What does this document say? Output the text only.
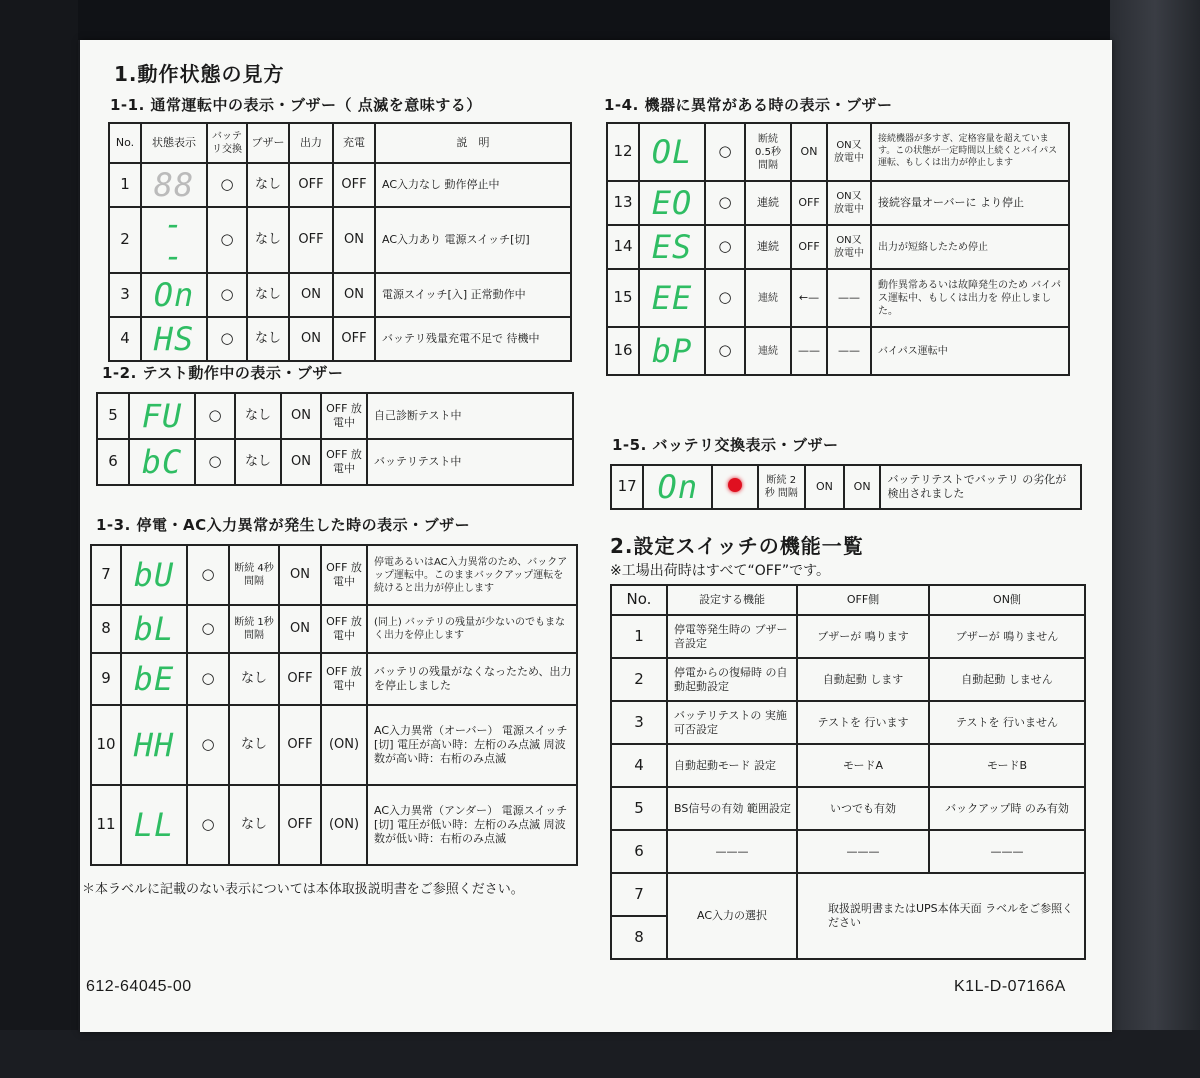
1.動作状態の見方
1-1. 通常運転中の表示・ブザー（ 点滅を意味する）
No.	状態表示	バッテリ交換	ブザー	出力	充電	説　明
1	88	○	なし	OFF	OFF	AC入力なし 動作停止中
2	- -	○	なし	OFF	ON	AC入力あり 電源スイッチ[切]
3	On	○	なし	ON	ON	電源スイッチ[入] 正常動作中
4	HS	○	なし	ON	OFF	バッテリ残量充電不足で 待機中
1-2. テスト動作中の表示・ブザー
5	FU	○	なし	ON	OFF 放電中	自己診断テスト中
6	bC	○	なし	ON	OFF 放電中	バッテリテスト中
1-3. 停電・AC入力異常が発生した時の表示・ブザー
7	bU	○	断続 4秒 間隔	ON	OFF 放電中	停電あるいはAC入力異常のため、バックアップ運転中。このままバックアップ運転を続けると出力が停止します
8	bL	○	断続 1秒 間隔	ON	OFF 放電中	(同上) バッテリの残量が少ないのでもまなく出力を停止します
9	bE	○	なし	OFF	OFF 放電中	バッテリの残量がなくなったため、出力を停止しました
10	HH	○	なし	OFF	(ON)	AC入力異常（オーバー） 電源スイッチ[切] 電圧が高い時：左桁のみ点滅 周波数が高い時：右桁のみ点滅
11	LL	○	なし	OFF	(ON)	AC入力異常（アンダー） 電源スイッチ[切] 電圧が低い時：左桁のみ点滅 周波数が低い時：右桁のみ点滅
＊本ラベルに記載のない表示については本体取扱説明書をご参照ください。
612-64045-00
1-4. 機器に異常がある時の表示・ブザー
12	OL	○	断続 0.5秒 間隔	ON	ON又 放電中	接続機器が多すぎ、定格容量を超えています。この状態が一定時間以上続くとバイパス運転、もしくは出力が停止します
13	EO	○	連続	OFF	ON又 放電中	接続容量オーバーに より停止
14	ES	○	連続	OFF	ON又 放電中	出力が短絡したため停止
15	EE	○	連続	←—	——	動作異常あるいは故障発生のため バイパス運転中、もしくは出力を 停止しました。
16	bP	○	連続	——	——	バイパス運転中
1-5. バッテリ交換表示・ブザー
17	On		断続 2秒 間隔	ON	ON	バッテリテストでバッテリ の劣化が検出されました
2.設定スイッチの機能一覧
※工場出荷時はすべて“OFF”です。
No.	設定する機能	OFF側	ON側
1	停電等発生時の ブザー音設定	ブザーが 鳴ります	ブザーが 鳴りません
2	停電からの復帰時 の自動起動設定	自動起動 します	自動起動 しません
3	バッテリテストの 実施可否設定	テストを 行います	テストを 行いません
4	自動起動モード 設定	モードA	モードB
5	BS信号の有効 範囲設定	いつでも有効	バックアップ時 のみ有効
6	———	———	———
7	AC入力の選択	取扱説明書またはUPS本体天面 ラベルをご参照ください	
8			
K1L-D-07166A
